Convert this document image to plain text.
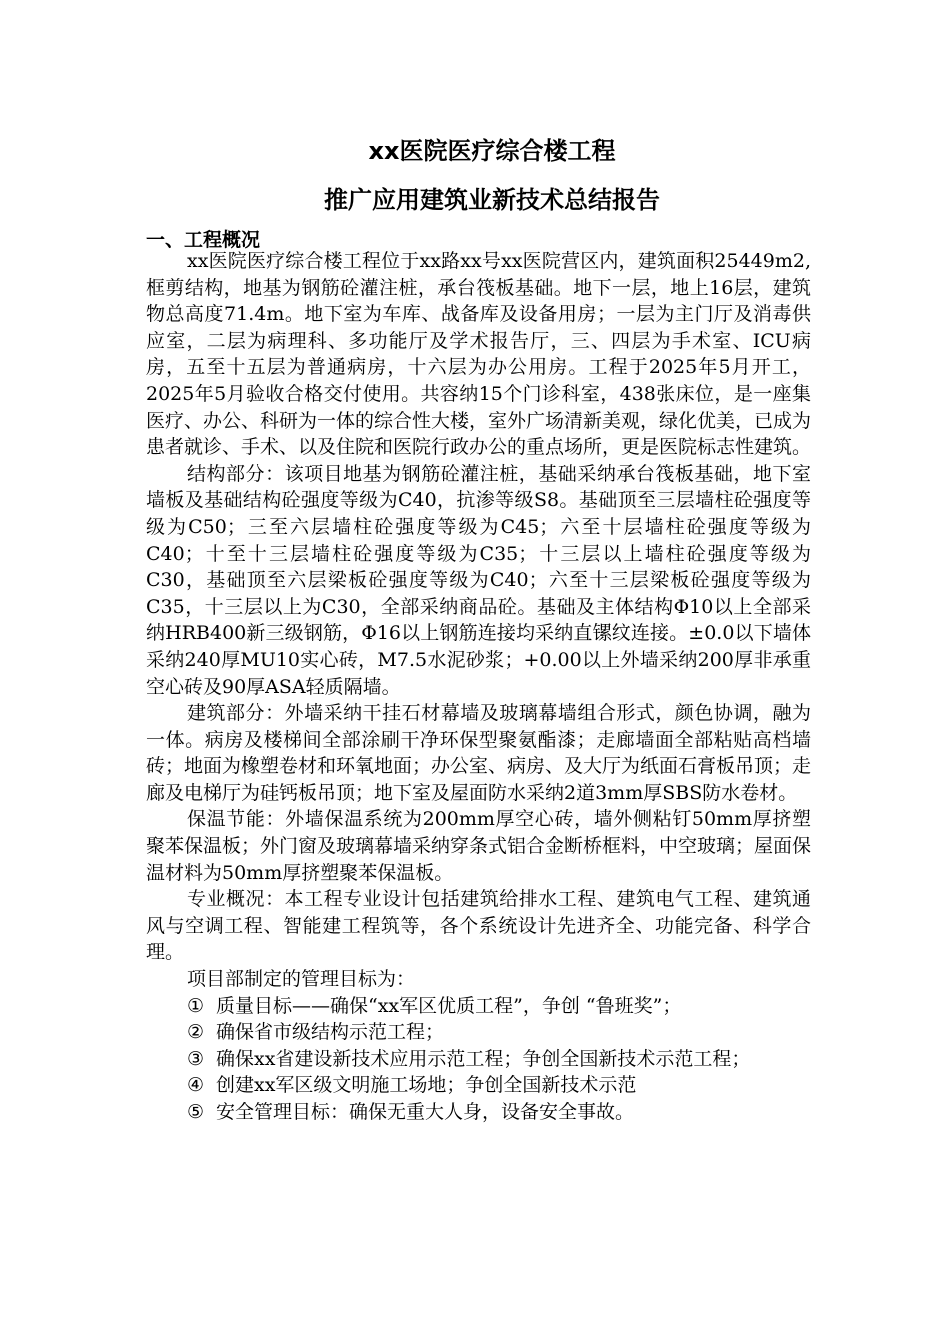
xx医院医疗综合楼工程
推广应用建筑业新技术总结报告
一、工程概况

xx医院医疗综合楼工程位于xx路xx号xx医院营区内，建筑面积25449m2,框剪结构，地基为钢筋砼灌注桩，承台筏板基础。地下一层，地上16层，建筑物总高度71.4m。地下室为车库、战备库及设备用房；一层为主门厅及消毒供应室，二层为病理科、多功能厅及学术报告厅，三、四层为手术室、ICU病房，五至十五层为普通病房，十六层为办公用房。工程于2025年5月开工，2025年5月验收合格交付使用。共容纳15个门诊科室，438张床位，是一座集医疗、办公、科研为一体的综合性大楼，室外广场清新美观，绿化优美，已成为患者就诊、手术、以及住院和医院行政办公的重点场所，更是医院标志性建筑。

结构部分：该项目地基为钢筋砼灌注桩，基础采纳承台筏板基础，地下室墙板及基础结构砼强度等级为C40，抗渗等级S8。基础顶至三层墙柱砼强度等级为C50；三至六层墙柱砼强度等级为C45；六至十层墙柱砼强度等级为C40；十至十三层墙柱砼强度等级为C35；十三层以上墙柱砼强度等级为C30，基础顶至六层梁板砼强度等级为C40；六至十三层梁板砼强度等级为C35，十三层以上为C30，全部采纳商品砼。基础及主体结构Φ10以上全部采纳HRB400新三级钢筋，Φ16以上钢筋连接均采纳直镙纹连接。±0.0以下墙体采纳240厚MU10实心砖，M7.5水泥砂浆；+0.00以上外墙采纳200厚非承重空心砖及90厚ASA轻质隔墙。

建筑部分：外墙采纳干挂石材幕墙及玻璃幕墙组合形式，颜色协调，融为一体。病房及楼梯间全部涂刷干净环保型聚氨酯漆；走廊墙面全部粘贴高档墙砖；地面为橡塑卷材和环氧地面；办公室、病房、及大厅为纸面石膏板吊顶；走廊及电梯厅为硅钙板吊顶；地下室及屋面防水采纳2道3mm厚SBS防水卷材。

保温节能：外墙保温系统为200mm厚空心砖，墙外侧粘钉50mm厚挤塑聚苯保温板；外门窗及玻璃幕墙采纳穿条式铝合金断桥框料，中空玻璃；屋面保温材料为50mm厚挤塑聚苯保温板。

专业概况：本工程专业设计包括建筑给排水工程、建筑电气工程、建筑通风与空调工程、智能建工程筑等，各个系统设计先进齐全、功能完备、科学合理。

项目部制定的管理目标为：

① 质量目标——确保“xx军区优质工程”，争创 “鲁班奖”；
② 确保省市级结构示范工程；
③ 确保xx省建设新技术应用示范工程；争创全国新技术示范工程；
④ 创建xx军区级文明施工场地；争创全国新技术示范
⑤ 安全管理目标：确保无重大人身，设备安全事故。
